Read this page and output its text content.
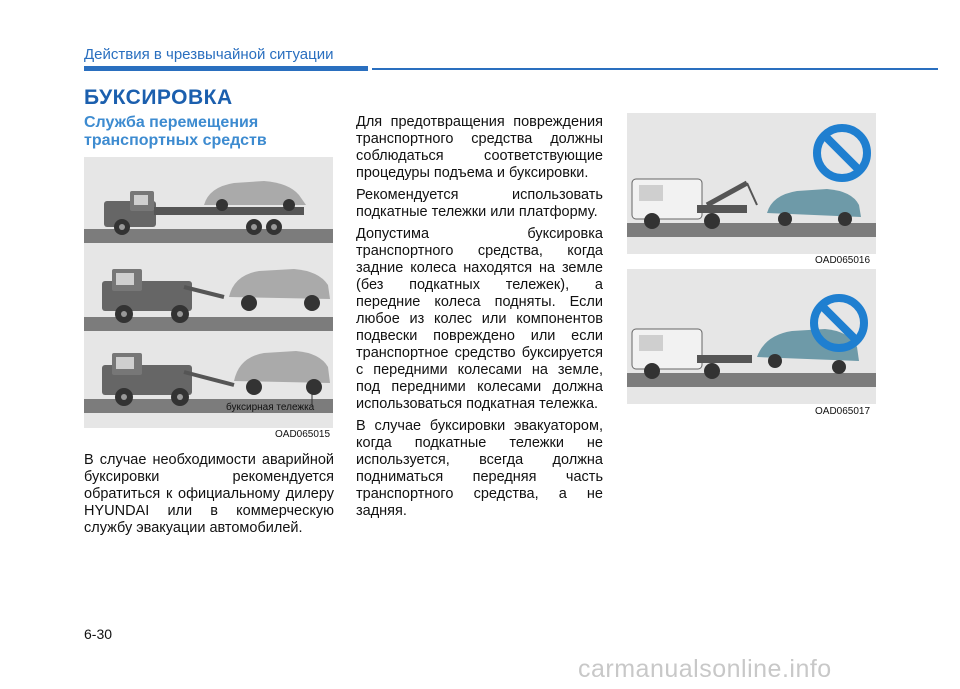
Действия в чрезвычайной ситуации
БУКСИРОВКА
Служба перемещения транспортных средств
буксирная тележка
OAD065015
OAD065016
OAD065017

В случае необходимости аварийной буксировки рекомендуется обратиться к официальному дилеру HYUNDAI или в коммерческую службу эвакуации автомобилей.

Для предотвращения повреждения транспортного средства должны соблюдаться соответствующие процедуры подъема и буксировки.

Рекомендуется использовать подкатные тележки или платформу.

Допустима буксировка транспортного средства, когда задние колеса находятся на земле (без подкатных тележек), а передние колеса подняты. Если любое из колес или компонентов подвески повреждено или если транспортное средство буксируется с передними колесами на земле, под передними колесами должна использоваться подкатная тележка.

В случае буксировки эвакуатором, когда подкатные тележки не используется, всегда должна подниматься передняя часть транспортного средства, а не задняя.

6-30
carmanualsonline.info
